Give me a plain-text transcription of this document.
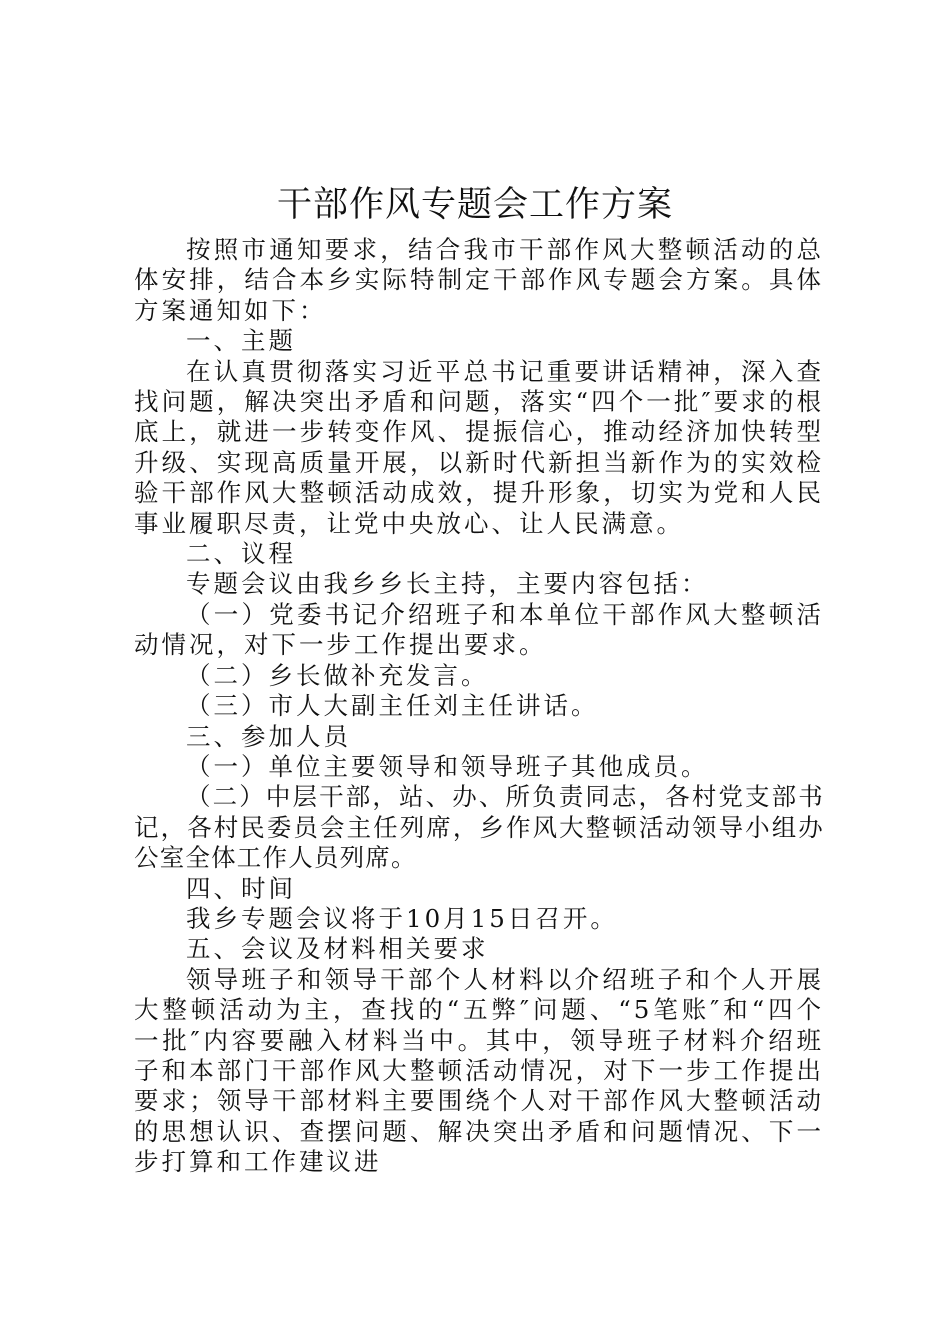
干部作风专题会工作方案

按照市通知要求，结合我市干部作风大整顿活动的总体安排，结合本乡实际特制定干部作风专题会方案。具体方案通知如下：

一、主题

在认真贯彻落实习近平总书记重要讲话精神，深入查找问题，解决突出矛盾和问题，落实“四个一批″要求的根底上，就进一步转变作风、提振信心，推动经济加快转型升级、实现高质量开展，以新时代新担当新作为的实效检验干部作风大整顿活动成效，提升形象，切实为党和人民事业履职尽责，让党中央放心、让人民满意。

二、议程

专题会议由我乡乡长主持，主要内容包括：

（一）党委书记介绍班子和本单位干部作风大整顿活动情况，对下一步工作提出要求。

（二）乡长做补充发言。

（三）市人大副主任刘主任讲话。

三、参加人员

（一）单位主要领导和领导班子其他成员。

（二）中层干部，站、办、所负责同志，各村党支部书记，各村民委员会主任列席，乡作风大整顿活动领导小组办公室全体工作人员列席。

四、时间

我乡专题会议将于10月15日召开。

五、会议及材料相关要求

领导班子和领导干部个人材料以介绍班子和个人开展大整顿活动为主，查找的“五弊″问题、“5笔账″和“四个一批″内容要融入材料当中。其中，领导班子材料介绍班子和本部门干部作风大整顿活动情况，对下一步工作提出要求；领导干部材料主要围绕个人对干部作风大整顿活动的思想认识、查摆问题、解决突出矛盾和问题情况、下一步打算和工作建议进
